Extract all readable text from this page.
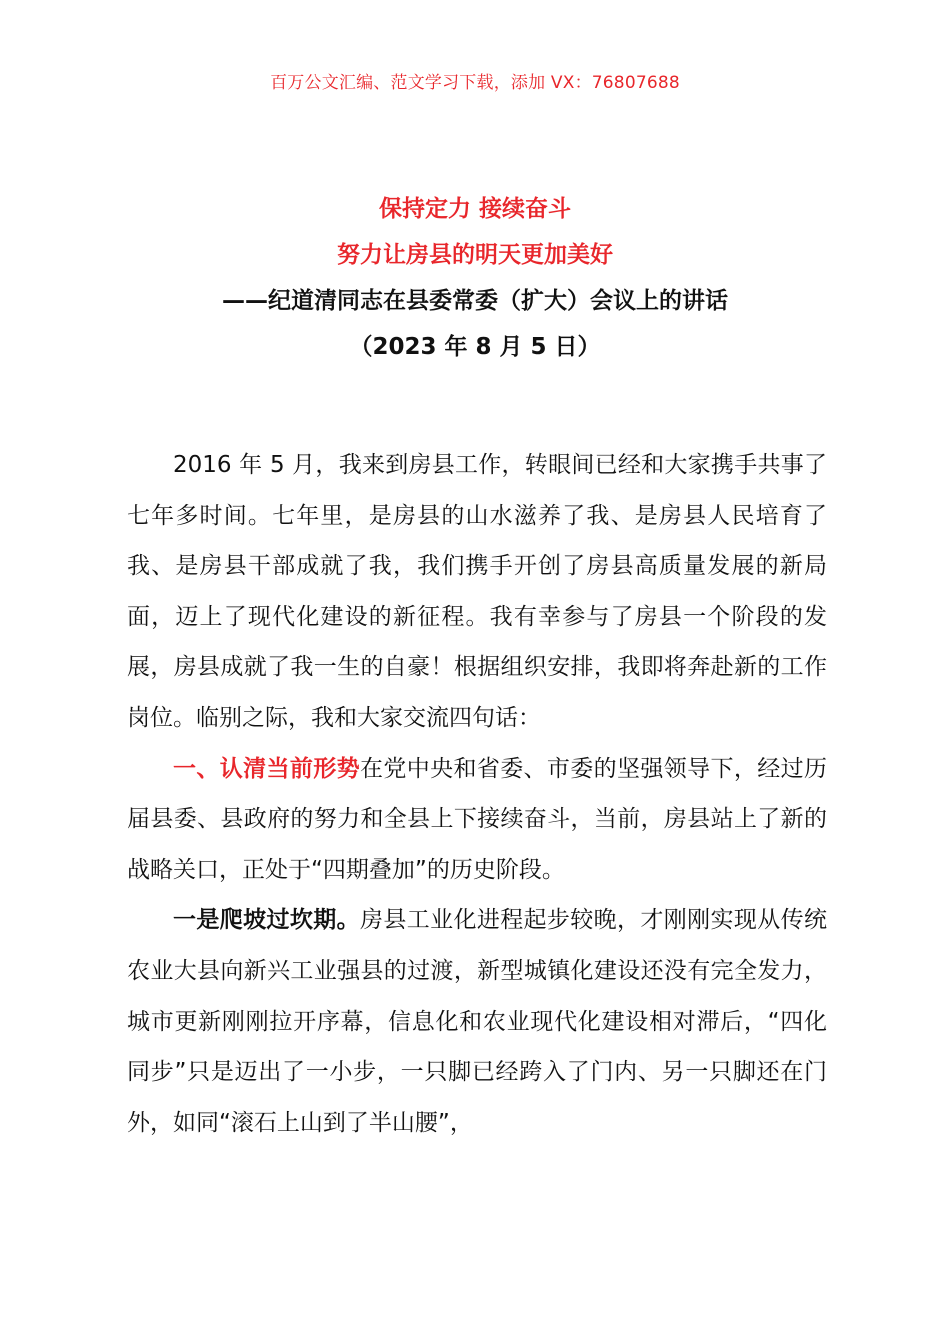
百万公文汇编、范文学习下载，添加 VX：76807688
保持定力 接续奋斗
努力让房县的明天更加美好
——纪道清同志在县委常委（扩大）会议上的讲话
（2023 年 8 月 5 日）

2016 年 5 月，我来到房县工作，转眼间已经和大家携手共事了七年多时间。七年里，是房县的山水滋养了我、是房县人民培育了我、是房县干部成就了我，我们携手开创了房县高质量发展的新局面，迈上了现代化建设的新征程。我有幸参与了房县一个阶段的发展，房县成就了我一生的自豪！根据组织安排，我即将奔赴新的工作岗位。临别之际，我和大家交流四句话：

一、认清当前形势在党中央和省委、市委的坚强领导下，经过历届县委、县政府的努力和全县上下接续奋斗，当前，房县站上了新的战略关口，正处于“四期叠加”的历史阶段。

一是爬坡过坎期。房县工业化进程起步较晚，才刚刚实现从传统农业大县向新兴工业强县的过渡，新型城镇化建设还没有完全发力，城市更新刚刚拉开序幕，信息化和农业现代化建设相对滞后，“四化同步”只是迈出了一小步，一只脚已经跨入了门内、另一只脚还在门外，如同“滚石上山到了半山腰”，
